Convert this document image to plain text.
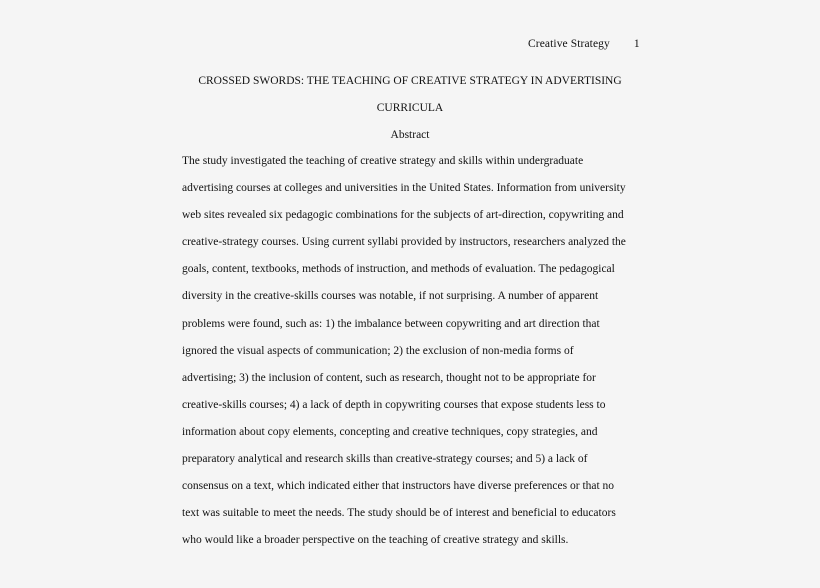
Creative Strategy 1
CROSSED SWORDS: THE TEACHING OF CREATIVE STRATEGY IN ADVERTISING
CURRICULA
Abstract
The study investigated the teaching of creative strategy and skills within undergraduate
advertising courses at colleges and universities in the United States. Information from university
web sites revealed six pedagogic combinations for the subjects of art-direction, copywriting and
creative-strategy courses. Using current syllabi provided by instructors, researchers analyzed the
goals, content, textbooks, methods of instruction, and methods of evaluation. The pedagogical
diversity in the creative-skills courses was notable, if not surprising. A number of apparent
problems were found, such as: 1) the imbalance between copywriting and art direction that
ignored the visual aspects of communication; 2) the exclusion of non-media forms of
advertising; 3) the inclusion of content, such as research, thought not to be appropriate for
creative-skills courses; 4) a lack of depth in copywriting courses that expose students less to
information about copy elements, concepting and creative techniques, copy strategies, and
preparatory analytical and research skills than creative-strategy courses; and 5) a lack of
consensus on a text, which indicated either that instructors have diverse preferences or that no
text was suitable to meet the needs. The study should be of interest and beneficial to educators
who would like a broader perspective on the teaching of creative strategy and skills.
